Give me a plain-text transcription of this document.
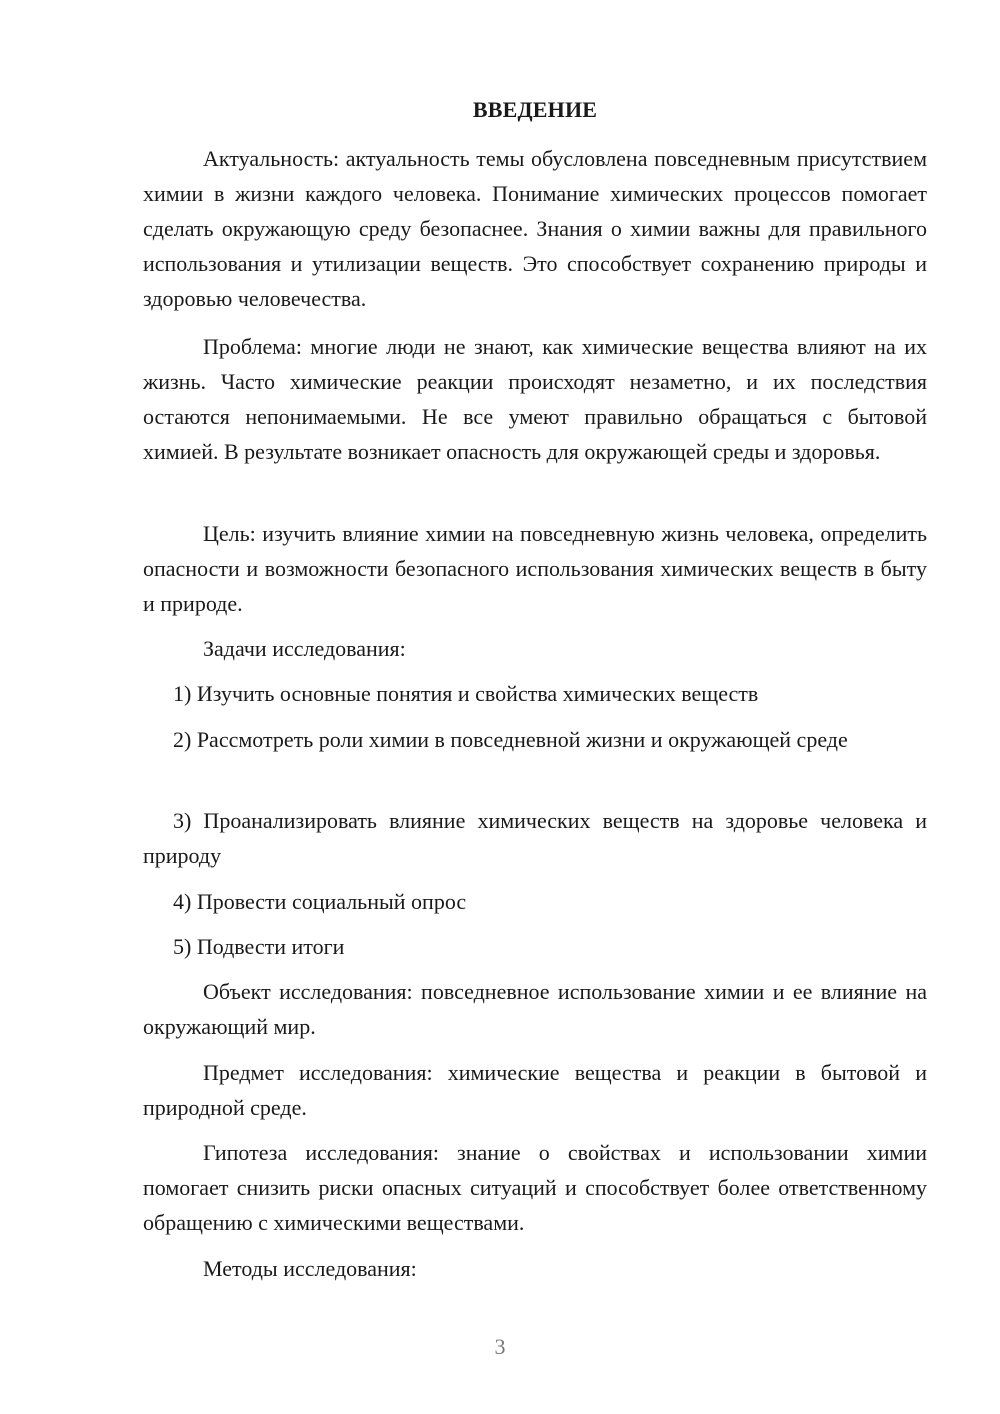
ВВЕДЕНИЕ
Актуальность: актуальность темы обусловлена повседневным присутствием химии в жизни каждого человека. Понимание химических процессов помогает сделать окружающую среду безопаснее. Знания о химии важны для правильного использования и утилизации веществ. Это способствует сохранению природы и здоровью человечества.
Проблема: многие люди не знают, как химические вещества влияют на их жизнь. Часто химические реакции происходят незаметно, и их последствия остаются непонимаемыми. Не все умеют правильно обращаться с бытовой химией. В результате возникает опасность для окружающей среды и здоровья.
Цель: изучить влияние химии на повседневную жизнь человека, определить опасности и возможности безопасного использования химических веществ в быту и природе.
Задачи исследования:
1) Изучить основные понятия и свойства химических веществ
2) Рассмотреть роли химии в повседневной жизни и окружающей среде
3) Проанализировать влияние химических веществ на здоровье человека и природу
4) Провести социальный опрос
5) Подвести итоги
Объект исследования: повседневное использование химии и ее влияние на окружающий мир.
Предмет исследования: химические вещества и реакции в бытовой и природной среде.
Гипотеза исследования: знание о свойствах и использовании химии помогает снизить риски опасных ситуаций и способствует более ответственному обращению с химическими веществами.
Методы исследования:
3
